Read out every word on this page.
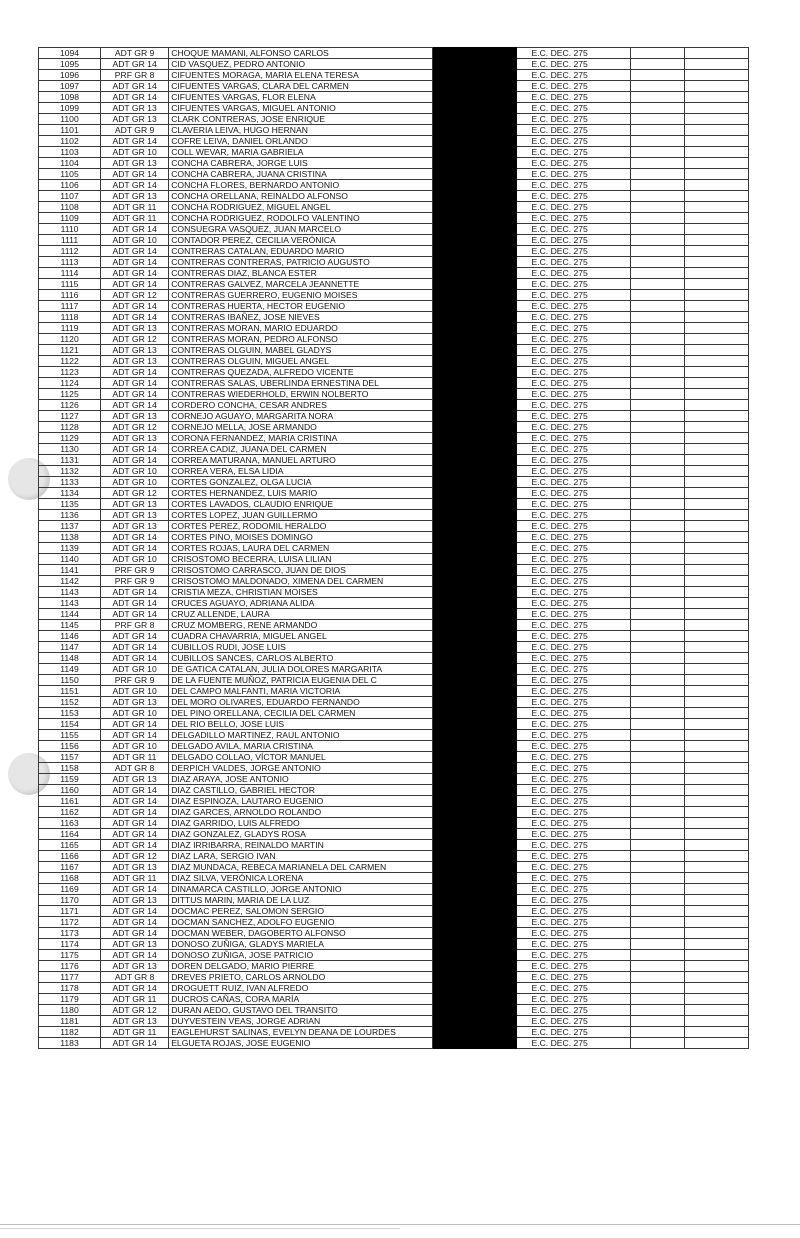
1094	ADT GR 9	CHOQUE MAMANI, ALFONSO CARLOS		E.C. DEC. 275		
1095	ADT GR 14	CID VASQUEZ, PEDRO ANTONIO		E.C. DEC. 275		
1096	PRF GR 8	CIFUENTES MORAGA, MARIA ELENA TERESA		E.C. DEC. 275		
1097	ADT GR 14	CIFUENTES VARGAS, CLARA DEL CARMEN		E.C. DEC. 275		
1098	ADT GR 14	CIFUENTES VARGAS, FLOR ELENA		E.C. DEC. 275		
1099	ADT GR 13	CIFUENTES VARGAS, MIGUEL ANTONIO		E.C. DEC. 275		
1100	ADT GR 13	CLARK CONTRERAS, JOSE ENRIQUE		E.C. DEC. 275		
1101	ADT GR 9	CLAVERIA LEIVA, HUGO HERNAN		E.C. DEC. 275		
1102	ADT GR 14	COFRE LEIVA, DANIEL ORLANDO		E.C. DEC. 275		
1103	ADT GR 10	COLL WEVAR, MARIA GABRIELA		E.C. DEC. 275		
1104	ADT GR 13	CONCHA CABRERA, JORGE LUIS		E.C. DEC. 275		
1105	ADT GR 14	CONCHA CABRERA, JUANA CRISTINA		E.C. DEC. 275		
1106	ADT GR 14	CONCHA FLORES, BERNARDO ANTONIO		E.C. DEC. 275		
1107	ADT GR 13	CONCHA ORELLANA, REINALDO ALFONSO		E.C. DEC. 275		
1108	ADT GR 11	CONCHA RODRIGUEZ, MIGUEL ANGEL		E.C. DEC. 275		
1109	ADT GR 11	CONCHA RODRIGUEZ, RODOLFO VALENTINO		E.C. DEC. 275		
1110	ADT GR 14	CONSUEGRA VASQUEZ, JUAN MARCELO		E.C. DEC. 275		
1111	ADT GR 10	CONTADOR PEREZ, CECILIA VERÓNICA		E.C. DEC. 275		
1112	ADT GR 14	CONTRERAS CATALAN, EDUARDO MARIO		E.C. DEC. 275		
1113	ADT GR 14	CONTRERAS CONTRERAS, PATRICIO AUGUSTO		E.C. DEC. 275		
1114	ADT GR 14	CONTRERAS DIAZ, BLANCA ESTER		E.C. DEC. 275		
1115	ADT GR 14	CONTRERAS GALVEZ, MARCELA JEANNETTE		E.C. DEC. 275		
1116	ADT GR 12	CONTRERAS GUERRERO, EUGENIO MOISES		E.C. DEC. 275		
1117	ADT GR 14	CONTRERAS HUERTA, HECTOR EUGENIO		E.C. DEC. 275		
1118	ADT GR 14	CONTRERAS IBAÑEZ, JOSE NIEVES		E.C. DEC. 275		
1119	ADT GR 13	CONTRERAS MORAN, MARIO EDUARDO		E.C. DEC. 275		
1120	ADT GR 12	CONTRERAS MORAN, PEDRO ALFONSO		E.C. DEC. 275		
1121	ADT GR 13	CONTRERAS OLGUIN, MABEL GLADYS		E.C. DEC. 275		
1122	ADT GR 13	CONTRERAS OLGUIN, MIGUEL ANGEL		E.C. DEC. 275		
1123	ADT GR 14	CONTRERAS QUEZADA, ALFREDO VICENTE		E.C. DEC. 275		
1124	ADT GR 14	CONTRERAS SALAS, UBERLINDA ERNESTINA DEL		E.C. DEC. 275		
1125	ADT GR 14	CONTRERAS WIEDERHOLD, ERWIN NOLBERTO		E.C. DEC. 275		
1126	ADT GR 14	CORDERO CONCHA, CESAR ANDRES		E.C. DEC. 275		
1127	ADT GR 13	CORNEJO AGUAYO, MARGARITA NORA		E.C. DEC. 275		
1128	ADT GR 12	CORNEJO MELLA, JOSE ARMANDO		E.C. DEC. 275		
1129	ADT GR 13	CORONA FERNANDEZ, MARIA CRISTINA		E.C. DEC. 275		
1130	ADT GR 14	CORREA CADIZ, JUANA DEL CARMEN		E.C. DEC. 275		
1131	ADT GR 14	CORREA MATURANA, MANUEL ARTURO		E.C. DEC. 275		
1132	ADT GR 10	CORREA VERA, ELSA LIDIA		E.C. DEC. 275		
1133	ADT GR 10	CORTES GONZALEZ, OLGA LUCIA		E.C. DEC. 275		
1134	ADT GR 12	CORTES HERNANDEZ, LUIS MARIO		E.C. DEC. 275		
1135	ADT GR 13	CORTES LAVADOS, CLAUDIO ENRIQUE		E.C. DEC. 275		
1136	ADT GR 13	CORTES LOPEZ, JUAN GUILLERMO		E.C. DEC. 275		
1137	ADT GR 13	CORTES PEREZ, RODOMIL HERALDO		E.C. DEC. 275		
1138	ADT GR 14	CORTES PINO, MOISES DOMINGO		E.C. DEC. 275		
1139	ADT GR 14	CORTES ROJAS, LAURA DEL CARMEN		E.C. DEC. 275		
1140	ADT GR 10	CRISOSTOMO BECERRA, LUISA LILIAN		E.C. DEC. 275		
1141	PRF GR 9	CRISOSTOMO CARRASCO, JUAN DE DIOS		E.C. DEC. 275		
1142	PRF GR 9	CRISOSTOMO MALDONADO, XIMENA DEL CARMEN		E.C. DEC. 275		
1143	ADT GR 14	CRISTIA MEZA, CHRISTIAN MOISES		E.C. DEC. 275		
1143	ADT GR 14	CRUCES AGUAYO, ADRIANA ALIDA		E.C. DEC. 275		
1144	ADT GR 14	CRUZ ALLENDE, LAURA		E.C. DEC. 275		
1145	PRF GR 8	CRUZ MOMBERG, RENE ARMANDO		E.C. DEC. 275		
1146	ADT GR 14	CUADRA CHAVARRIA, MIGUEL ANGEL		E.C. DEC. 275		
1147	ADT GR 14	CUBILLOS RUDI, JOSE LUIS		E.C. DEC. 275		
1148	ADT GR 14	CUBILLOS SANCES, CARLOS ALBERTO		E.C. DEC. 275		
1149	ADT GR 10	DE GATICA CATALAN, JULIA DOLORES MARGARITA		E.C. DEC. 275		
1150	PRF GR 9	DE LA FUENTE MUÑOZ, PATRICIA EUGENIA DEL C		E.C. DEC. 275		
1151	ADT GR 10	DEL CAMPO MALFANTI, MARIA VICTORIA		E.C. DEC. 275		
1152	ADT GR 13	DEL MORO OLIVARES, EDUARDO FERNANDO		E.C. DEC. 275		
1153	ADT GR 10	DEL PINO ORELLANA, CECILIA DEL CARMEN		E.C. DEC. 275		
1154	ADT GR 14	DEL RIO BELLO, JOSE LUIS		E.C. DEC. 275		
1155	ADT GR 14	DELGADILLO MARTINEZ, RAUL ANTONIO		E.C. DEC. 275		
1156	ADT GR 10	DELGADO AVILA, MARIA CRISTINA		E.C. DEC. 275		
1157	ADT GR 11	DELGADO COLLAO, VÍCTOR MANUEL		E.C. DEC. 275		
1158	ADT GR 8	DERPICH VALDES, JORGE ANTONIO		E.C. DEC. 275		
1159	ADT GR 13	DIAZ ARAYA, JOSE ANTONIO		E.C. DEC. 275		
1160	ADT GR 14	DIAZ CASTILLO, GABRIEL HECTOR		E.C. DEC. 275		
1161	ADT GR 14	DIAZ ESPINOZA, LAUTARO EUGENIO		E.C. DEC. 275		
1162	ADT GR 14	DIAZ GARCES, ARNOLDO ROLANDO		E.C. DEC. 275		
1163	ADT GR 14	DIAZ GARRIDO, LUIS ALFREDO		E.C. DEC. 275		
1164	ADT GR 14	DIAZ GONZALEZ, GLADYS ROSA		E.C. DEC. 275		
1165	ADT GR 14	DIAZ IRRIBARRA, REINALDO MARTIN		E.C. DEC. 275		
1166	ADT GR 12	DIAZ LARA, SERGIO IVAN		E.C. DEC. 275		
1167	ADT GR 13	DIAZ MUNDACA, REBECA MARIANELA DEL CARMEN		E.C. DEC. 275		
1168	ADT GR 11	DIAZ SILVA, VERÓNICA LORENA		E.C. DEC. 275		
1169	ADT GR 14	DINAMARCA CASTILLO, JORGE ANTONIO		E.C. DEC. 275		
1170	ADT GR 13	DITTUS MARIN, MARIA DE LA LUZ		E.C. DEC. 275		
1171	ADT GR 14	DOCMAC PEREZ, SALOMON SERGIO		E.C. DEC. 275		
1172	ADT GR 14	DOCMAN SANCHEZ, ADOLFO EUGENIO		E.C. DEC. 275		
1173	ADT GR 14	DOCMAN WEBER, DAGOBERTO ALFONSO		E.C. DEC. 275		
1174	ADT GR 13	DONOSO ZUÑIGA, GLADYS MARIELA		E.C. DEC. 275		
1175	ADT GR 14	DONOSO ZUÑIGA, JOSE PATRICIO		E.C. DEC. 275		
1176	ADT GR 13	DOREN DELGADO, MARIO PIERRE		E.C. DEC. 275		
1177	ADT GR 8	DREVES PRIETO, CARLOS ARNOLDO		E.C. DEC. 275		
1178	ADT GR 14	DROGUETT RUIZ, IVAN ALFREDO		E.C. DEC. 275		
1179	ADT GR 11	DUCROS CAÑAS, CORA MARÍA		E.C. DEC. 275		
1180	ADT GR 12	DURAN AEDO, GUSTAVO DEL TRANSITO		E.C. DEC. 275		
1181	ADT GR 13	DUYVESTEIN VEAS, JORGE ADRIAN		E.C. DEC. 275		
1182	ADT GR 11	EAGLEHURST SALINAS, EVELYN DEANA DE LOURDES		E.C. DEC. 275		
1183	ADT GR 14	ELGUETA ROJAS, JOSE EUGENIO		E.C. DEC. 275		
